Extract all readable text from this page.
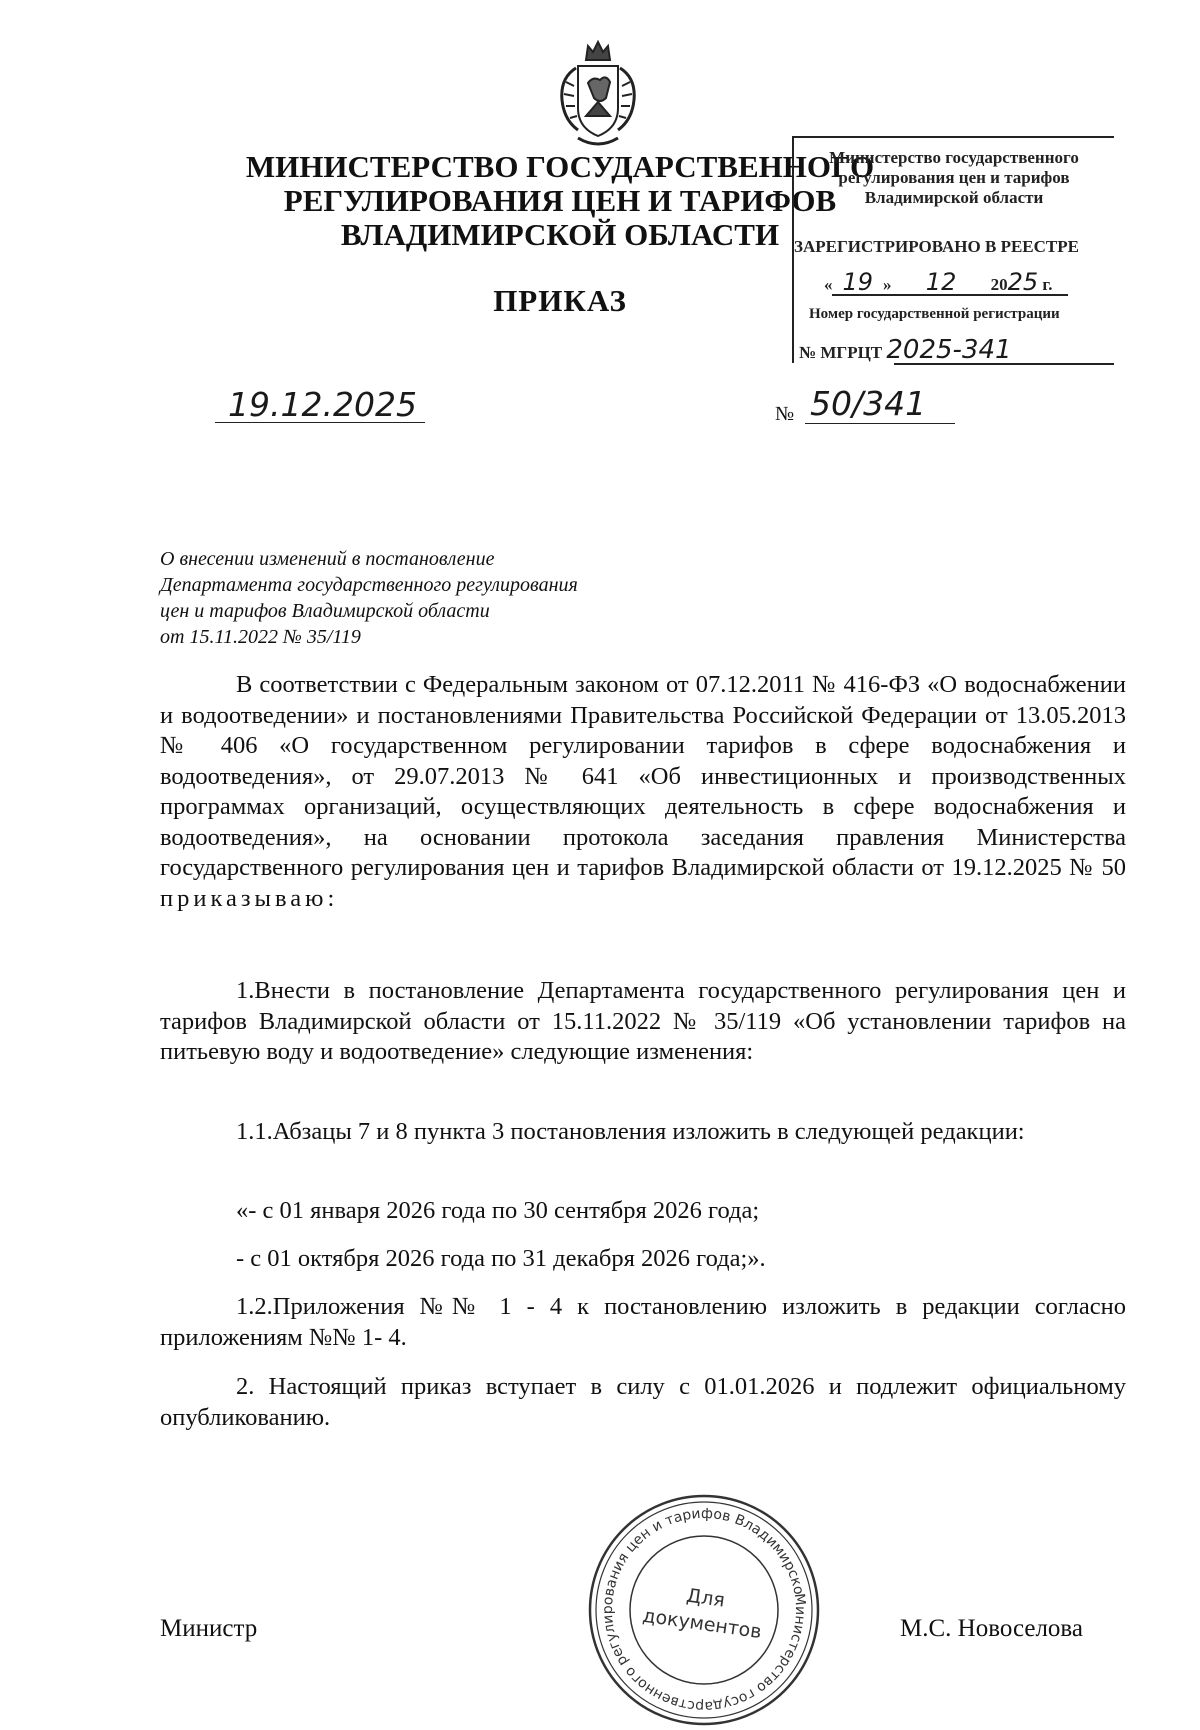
МИНИСТЕРСТВО ГОСУДАРСТВЕННОГО
РЕГУЛИРОВАНИЯ ЦЕН И ТАРИФОВ
ВЛАДИМИРСКОЙ ОБЛАСТИ
ПРИКАЗ
Министерство государственного
регулирования цен и тарифов
Владимирской области
ЗАРЕГИСТРИРОВАНО В РЕЕСТРЕ
« 19 » 12 2025 г.
Номер государственной регистрации
№ МГРЦТ 2025-341
19.12.2025	№ 50/341
О внесении изменений в постановление
Департамента государственного регулирования
цен и тарифов Владимирской области
от 15.11.2022 № 35/119
В соответствии с Федеральным законом от 07.12.2011 № 416-ФЗ «О водоснабжении и водоотведении» и постановлениями Правительства Российской Федерации от 13.05.2013 № 406 «О государственном регулировании тарифов в сфере водоснабжения и водоотведения», от 29.07.2013 № 641 «Об инвестиционных и производственных программах организаций, осуществляющих деятельность в сфере водоснабжения и водоотведения», на основании протокола заседания правления Министерства государственного регулирования цен и тарифов Владимирской области от 19.12.2025 № 50 приказываю:
1.Внести в постановление Департамента государственного регулирования цен и тарифов Владимирской области от 15.11.2022 № 35/119 «Об установлении тарифов на питьевую воду и водоотведение» следующие изменения:
1.1.Абзацы 7 и 8 пункта 3 постановления изложить в следующей редакции:
«- с 01 января 2026 года по 30 сентября 2026 года;
- с 01 октября 2026 года по 31 декабря 2026 года;».
1.2.Приложения №№ 1 - 4 к постановлению изложить в редакции согласно приложениям №№ 1- 4.
2. Настоящий приказ вступает в силу с 01.01.2026 и подлежит официальному опубликованию.
Министерство государственного регулирования цен и тарифов Владимирской
Для
документов
Министр	М.С. Новоселова
